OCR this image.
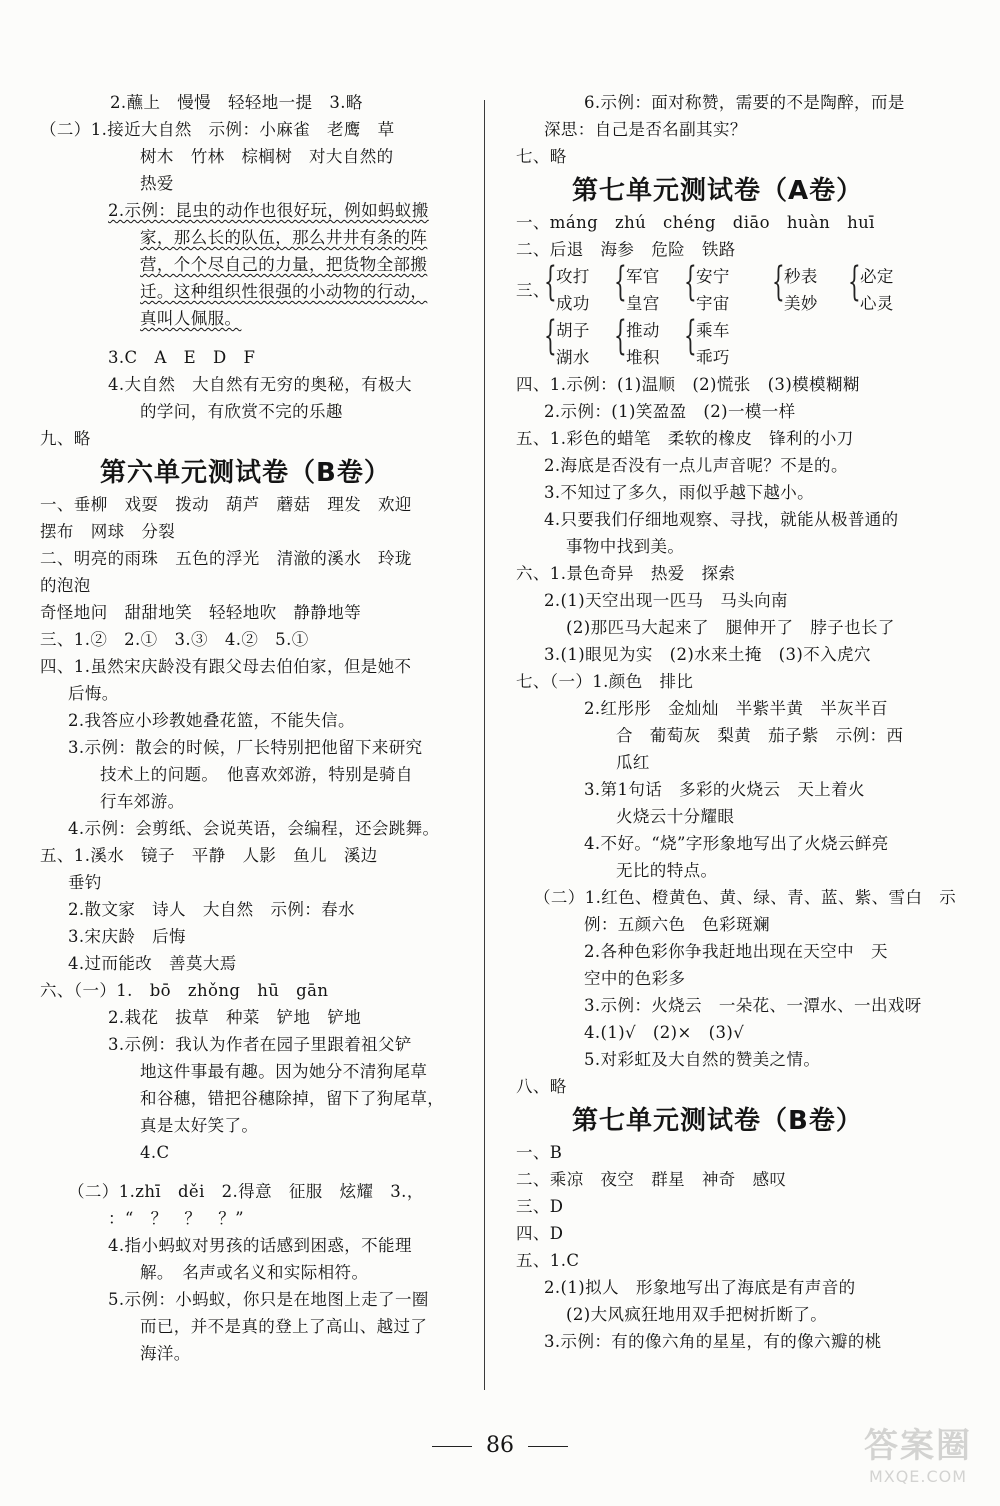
2.蘸上　慢慢　轻轻地一提　3.略
（二）1.接近大自然　示例：小麻雀　老鹰　草
树木　竹林　棕榈树　对大自然的
热爱
2.示例：昆虫的动作也很好玩，例如蚂蚁搬
家，那么长的队伍，那么井井有条的阵
营，个个尽自己的力量，把货物全部搬
迁。这种组织性很强的小动物的行动，
真叫人佩服。
3.C　A　E　D　F
4.大自然　大自然有无穷的奥秘，有极大
的学问，有欣赏不完的乐趣
九、略
第六单元测试卷（B卷）
一、垂柳　戏耍　拨动　葫芦　蘑菇　理发　欢迎
摆布　网球　分裂
二、明亮的雨珠　五色的浮光　清澈的溪水　玲珑
的泡泡
奇怪地问　甜甜地笑　轻轻地吹　静静地等
三、1.②　2.①　3.③　4.②　5.①
四、1.虽然宋庆龄没有跟父母去伯伯家，但是她不
后悔。
2.我答应小珍教她叠花篮，不能失信。
3.示例：散会的时候，厂长特别把他留下来研究
技术上的问题。　他喜欢郊游，特别是骑自
行车郊游。
4.示例：会剪纸、会说英语，会编程，还会跳舞。
五、1.溪水　镜子　平静　人影　鱼儿　溪边
垂钓
2.散文家　诗人　大自然　示例：春水
3.宋庆龄　后悔
4.过而能改　善莫大焉
六、（一）1.　bō　zhǒng　hū　gān
2.栽花　拔草　种菜　铲地　铲地
3.示例：我认为作者在园子里跟着祖父铲
地这件事最有趣。因为她分不清狗尾草
和谷穗，错把谷穗除掉，留下了狗尾草，
真是太好笑了。
4.C
（二）1.zhī　děi　2.得意　征服　炫耀　3.，
：“　？　？　？”
4.指小蚂蚁对男孩的话感到困惑，不能理
解。　名声或名义和实际相符。
5.示例：小蚂蚁，你只是在地图上走了一圈
而已，并不是真的登上了高山、越过了
海洋。
6.示例：面对称赞，需要的不是陶醉，而是
深思：自己是否名副其实？
七、略
第七单元测试卷（A卷）
一、máng　zhú　chéng　diāo　huàn　huī
二、后退　海参　危险　铁路
攻打
成功
军官
皇宫
安宁
宇宙
秒表
美妙
必定
心灵
胡子
湖水
推动
堆积
乘车
乖巧
三、
四、1.示例：(1)温顺　(2)慌张　(3)模模糊糊
2.示例：(1)笑盈盈　(2)一模一样
五、1.彩色的蜡笔　柔软的橡皮　锋利的小刀
2.海底是否没有一点儿声音呢？不是的。
3.不知过了多久，雨似乎越下越小。
4.只要我们仔细地观察、寻找，就能从极普通的
事物中找到美。
六、1.景色奇异　热爱　探索
2.(1)天空出现一匹马　马头向南
(2)那匹马大起来了　腿伸开了　脖子也长了
3.(1)眼见为实　(2)水来土掩　(3)不入虎穴
七、（一）1.颜色　排比
2.红彤彤　金灿灿　半紫半黄　半灰半百
合　葡萄灰　梨黄　茄子紫　示例：西
瓜红
3.第1句话　多彩的火烧云　天上着火
火烧云十分耀眼
4.不好。“烧”字形象地写出了火烧云鲜亮
无比的特点。
（二）1.红色、橙黄色、黄、绿、青、蓝、紫、雪白　示
例：五颜六色　色彩斑斓
2.各种色彩你争我赶地出现在天空中　天
空中的色彩多
3.示例：火烧云　一朵花、一潭水、一出戏呀
4.(1)√　(2)×　(3)√
5.对彩虹及大自然的赞美之情。
八、略
第七单元测试卷（B卷）
一、B
二、乘凉　夜空　群星　神奇　感叹
三、D
四、D
五、1.C
2.(1)拟人　形象地写出了海底是有声音的
(2)大风疯狂地用双手把树折断了。
3.示例：有的像六角的星星，有的像六瓣的桃
{ { { { {
{ { {
86	答案圈
MXQE.COM
